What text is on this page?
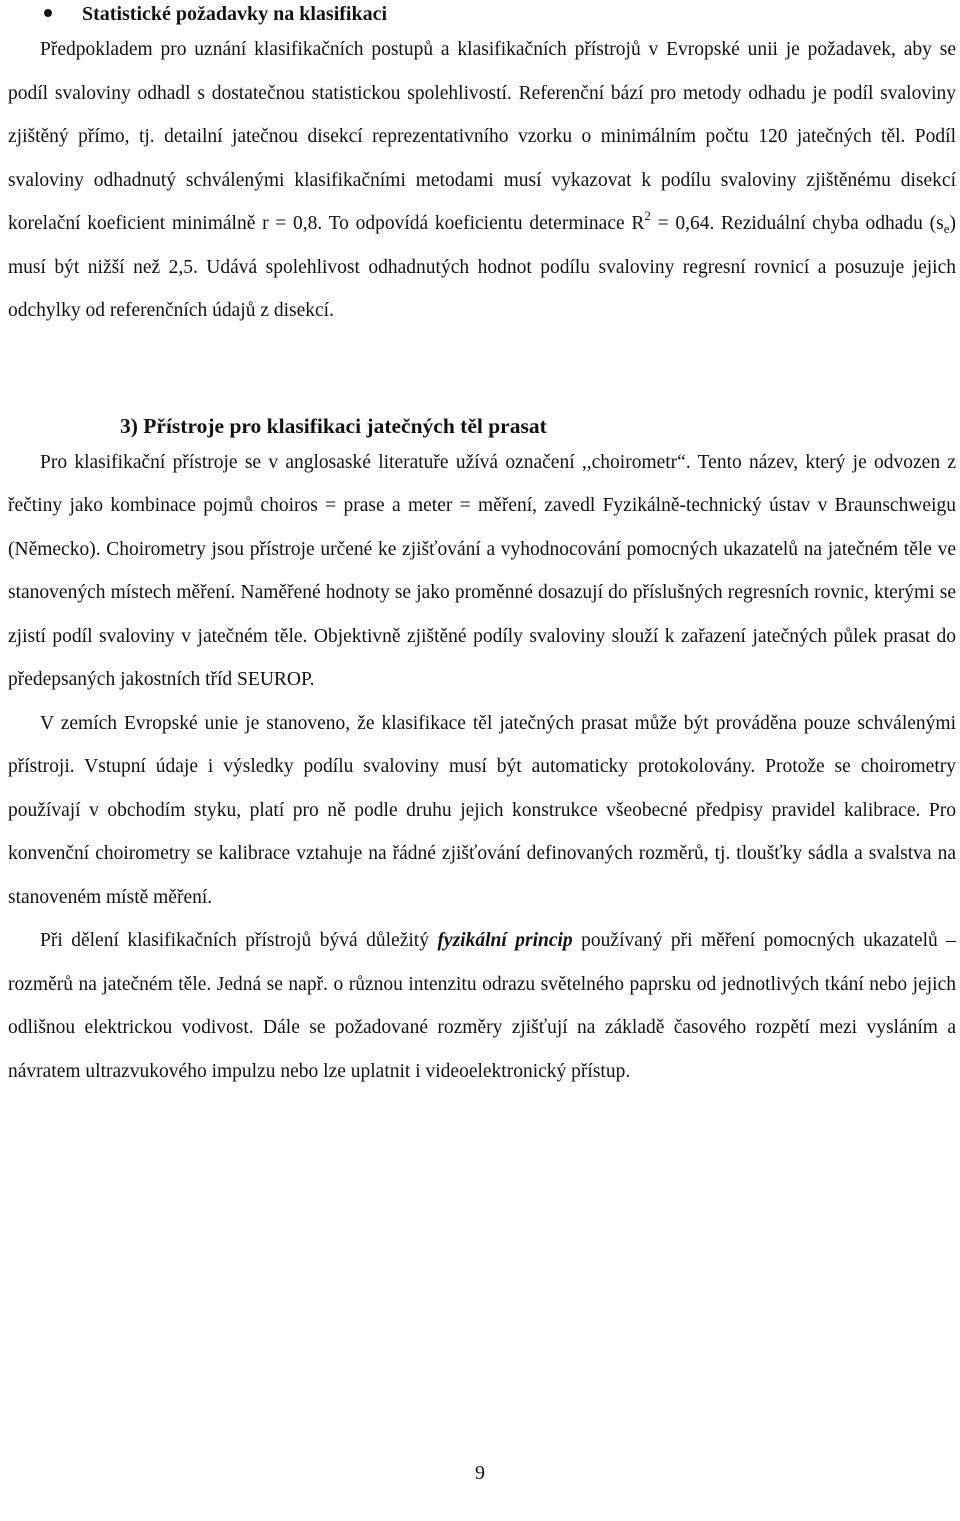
Statistické požadavky na klasifikaci

Předpokladem pro uznání klasifikačních postupů a klasifikačních přístrojů v Evropské unii je požadavek, aby se podíl svaloviny odhadl s dostatečnou statistickou spolehlivostí. Referenční bází pro metody odhadu je podíl svaloviny zjištěný přímo, tj. detailní jatečnou disekcí reprezentativního vzorku o minimálním počtu 120 jatečných těl. Podíl svaloviny odhadnutý schválenými klasifikačními metodami musí vykazovat k podílu svaloviny zjištěnému disekcí korelační koeficient minimálně r = 0,8. To odpovídá koeficientu determinace $R^2 = 0,64$. Reziduální chyba odhadu $(s_e)$ musí být nižší než 2,5. Udává spolehlivost odhadnutých hodnot podílu svaloviny regresní rovnicí a posuzuje jejich odchylky od referenčních údajů z disekcí.

3) Přístroje pro klasifikaci jatečných těl prasat

Pro klasifikační přístroje se v anglosaské literatuře užívá označení ,,choirometr“. Tento název, který je odvozen z řečtiny jako kombinace pojmů choiros = prase a meter = měření, zavedl Fyzikálně-technický ústav v Braunschweigu (Německo). Choirometry jsou přístroje určené ke zjišťování a vyhodnocování pomocných ukazatelů na jatečném těle ve stanovených místech měření. Naměřené hodnoty se jako proměnné dosazují do příslušných regresních rovnic, kterými se zjistí podíl svaloviny v jatečném těle. Objektivně zjištěné podíly svaloviny slouží k zařazení jatečných půlek prasat do předepsaných jakostních tříd SEUROP.

V zemích Evropské unie je stanoveno, že klasifikace těl jatečných prasat může být prováděna pouze schválenými přístroji. Vstupní údaje i výsledky podílu svaloviny musí být automaticky protokolovány. Protože se choirometry používají v obchodím styku, platí pro ně podle druhu jejich konstrukce všeobecné předpisy pravidel kalibrace. Pro konvenční choirometry se kalibrace vztahuje na řádné zjišťování definovaných rozměrů, tj. tloušťky sádla a svalstva na stanoveném místě měření.

Při dělení klasifikačních přístrojů bývá důležitý fyzikální princip používaný při měření pomocných ukazatelů – rozměrů na jatečném těle. Jedná se např. o různou intenzitu odrazu světelného paprsku od jednotlivých tkání nebo jejich odlišnou elektrickou vodivost. Dále se požadované rozměry zjišťují na základě časového rozpětí mezi vysláním a návratem ultrazvukového impulzu nebo lze uplatnit i videoelektronický přístup.

9
